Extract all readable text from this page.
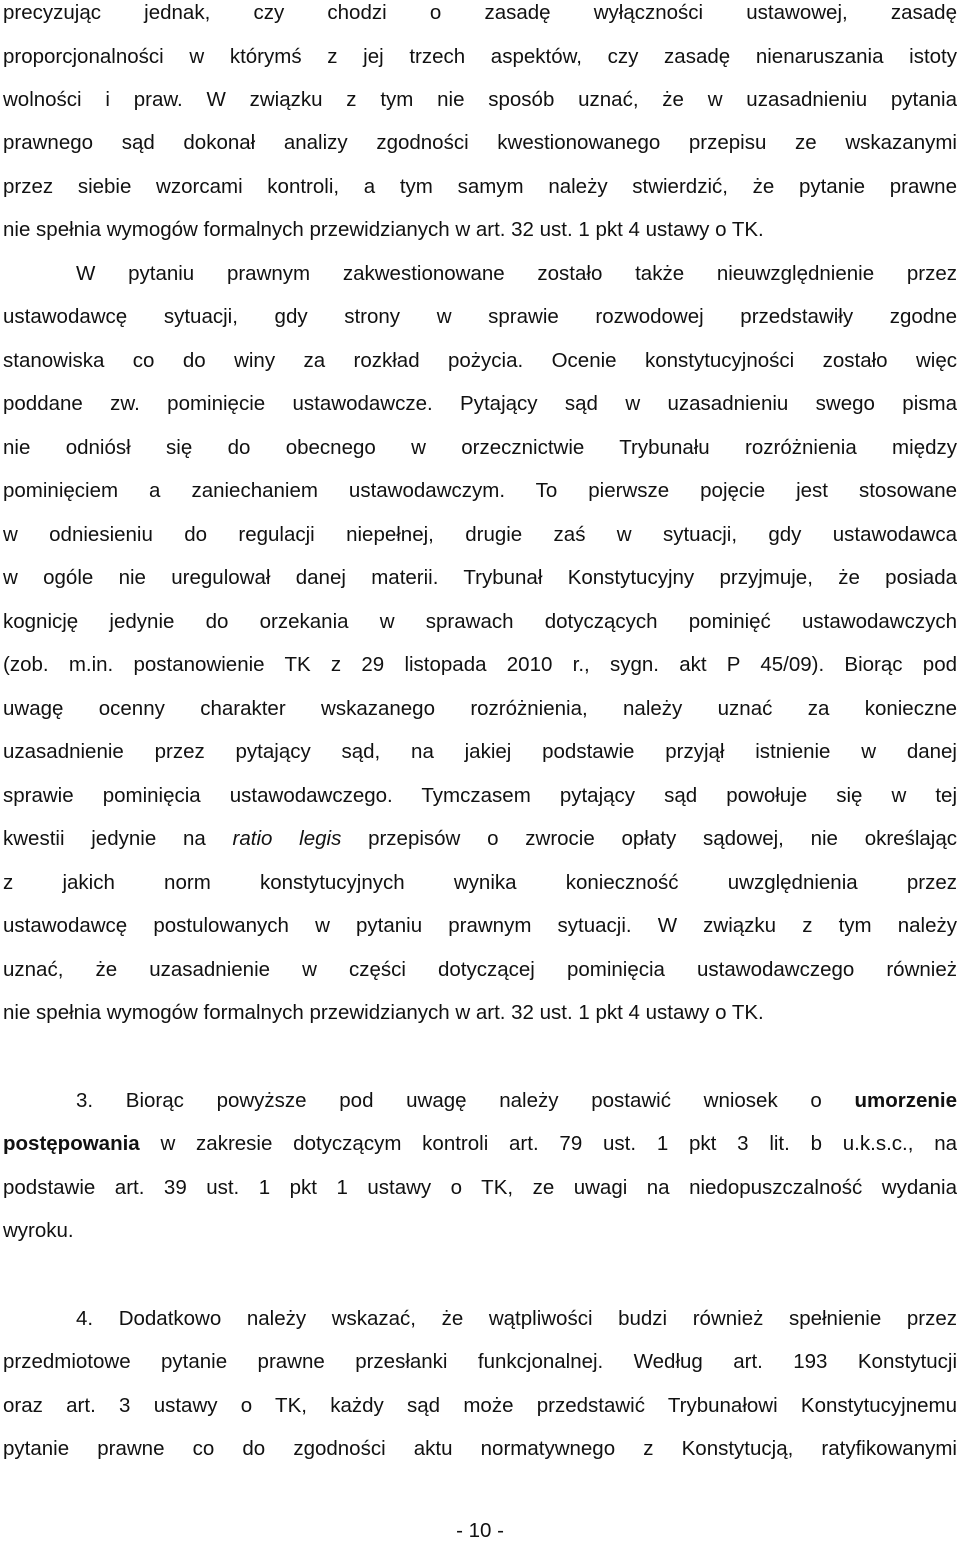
precyzując jednak, czy chodzi o zasadę wyłączności ustawowej, zasadę
proporcjonalności w którymś z jej trzech aspektów, czy zasadę nienaruszania istoty
wolności i praw. W związku z tym nie sposób uznać, że w uzasadnieniu pytania
prawnego sąd dokonał analizy zgodności kwestionowanego przepisu ze wskazanymi
przez siebie wzorcami kontroli, a tym samym należy stwierdzić, że pytanie prawne
nie spełnia wymogów formalnych przewidzianych w art. 32 ust. 1 pkt 4 ustawy o TK.
W pytaniu prawnym zakwestionowane zostało także nieuwzględnienie przez
ustawodawcę sytuacji, gdy strony w sprawie rozwodowej przedstawiły zgodne
stanowiska co do winy za rozkład pożycia. Ocenie konstytucyjności zostało więc
poddane zw. pominięcie ustawodawcze. Pytający sąd w uzasadnieniu swego pisma
nie odniósł się do obecnego w orzecznictwie Trybunału rozróżnienia między
pominięciem a zaniechaniem ustawodawczym. To pierwsze pojęcie jest stosowane
w odniesieniu do regulacji niepełnej, drugie zaś w sytuacji, gdy ustawodawca
w ogóle nie uregulował danej materii. Trybunał Konstytucyjny przyjmuje, że posiada
kognicję jedynie do orzekania w sprawach dotyczących pominięć ustawodawczych
(zob. m.in. postanowienie TK z 29 listopada 2010 r., sygn. akt P 45/09). Biorąc pod
uwagę ocenny charakter wskazanego rozróżnienia, należy uznać za konieczne
uzasadnienie przez pytający sąd, na jakiej podstawie przyjął istnienie w danej
sprawie pominięcia ustawodawczego. Tymczasem pytający sąd powołuje się w tej
kwestii jedynie na ratio legis przepisów o zwrocie opłaty sądowej, nie określając
z jakich norm konstytucyjnych wynika konieczność uwzględnienia przez
ustawodawcę postulowanych w pytaniu prawnym sytuacji. W związku z tym należy
uznać, że uzasadnienie w części dotyczącej pominięcia ustawodawczego również
nie spełnia wymogów formalnych przewidzianych w art. 32 ust. 1 pkt 4 ustawy o TK.
3. Biorąc powyższe pod uwagę należy postawić wniosek o umorzenie
postępowania w zakresie dotyczącym kontroli art. 79 ust. 1 pkt 3 lit. b u.k.s.c., na
podstawie art. 39 ust. 1 pkt 1 ustawy o TK, ze uwagi na niedopuszczalność wydania
wyroku.
4. Dodatkowo należy wskazać, że wątpliwości budzi również spełnienie przez
przedmiotowe pytanie prawne przesłanki funkcjonalnej. Według art. 193 Konstytucji
oraz art. 3 ustawy o TK, każdy sąd może przedstawić Trybunałowi Konstytucyjnemu
pytanie prawne co do zgodności aktu normatywnego z Konstytucją, ratyfikowanymi
- 10 -
